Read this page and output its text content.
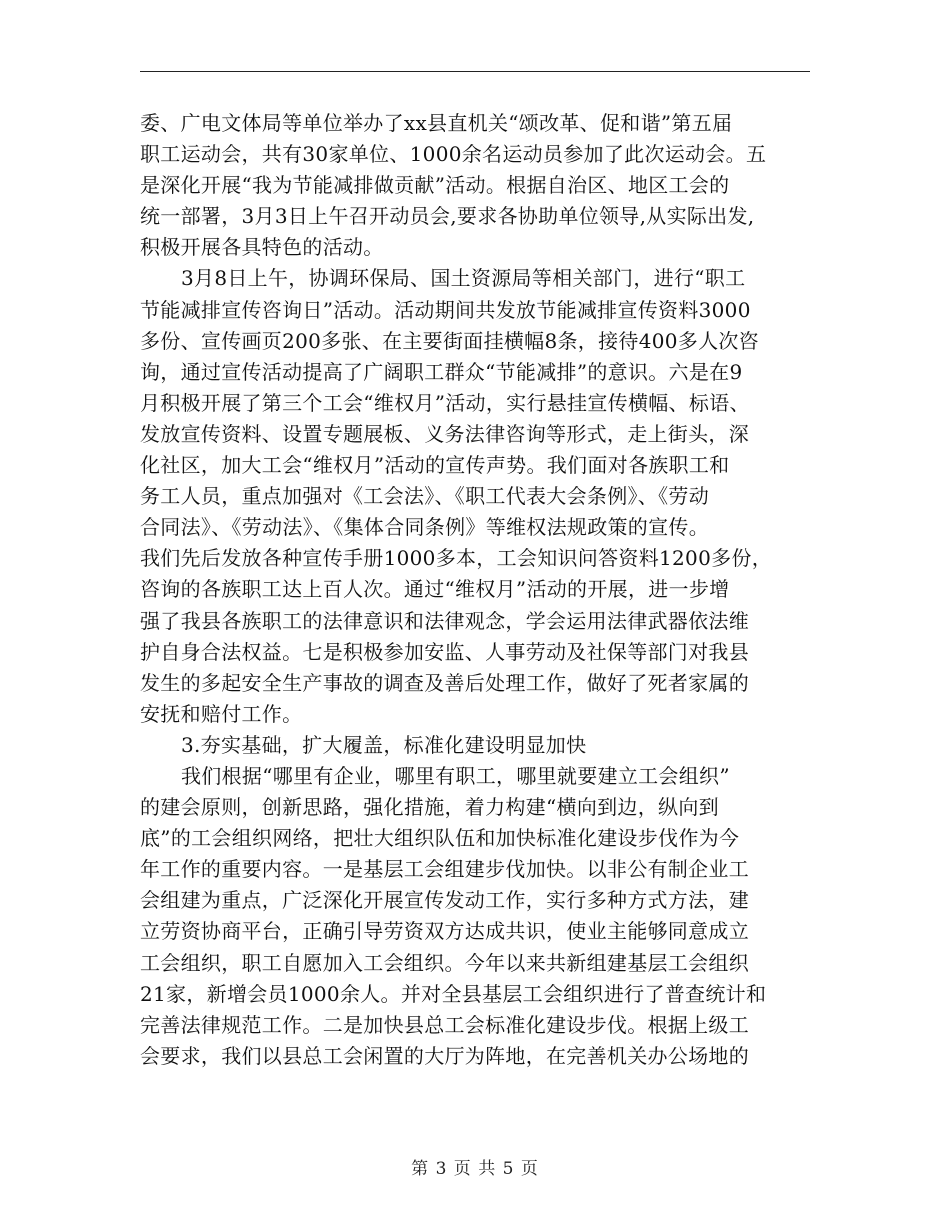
委、广电文体局等单位举办了xx县直机关“颂改革、促和谐”第五届
职工运动会，共有30家单位、1000余名运动员参加了此次运动会。五
是深化开展“我为节能减排做贡献”活动。根据自治区、地区工会的
统一部署，3月3日上午召开动员会,要求各协助单位领导,从实际出发,
积极开展各具特色的活动。
3月8日上午，协调环保局、国土资源局等相关部门，进行“职工
节能减排宣传咨询日”活动。活动期间共发放节能减排宣传资料3000
多份、宣传画页200多张、在主要街面挂横幅8条，接待400多人次咨
询，通过宣传活动提高了广阔职工群众“节能减排”的意识。六是在9
月积极开展了第三个工会“维权月”活动，实行悬挂宣传横幅、标语、
发放宣传资料、设置专题展板、义务法律咨询等形式，走上街头，深
化社区，加大工会“维权月”活动的宣传声势。我们面对各族职工和
务工人员，重点加强对《工会法》、《职工代表大会条例》、《劳动
合同法》、《劳动法》、《集体合同条例》等维权法规政策的宣传。
我们先后发放各种宣传手册1000多本，工会知识问答资料1200多份，
咨询的各族职工达上百人次。通过“维权月”活动的开展，进一步增
强了我县各族职工的法律意识和法律观念，学会运用法律武器依法维
护自身合法权益。七是积极参加安监、人事劳动及社保等部门对我县
发生的多起安全生产事故的调查及善后处理工作，做好了死者家属的
安抚和赔付工作。
3.夯实基础，扩大履盖，标准化建设明显加快
我们根据“哪里有企业，哪里有职工，哪里就要建立工会组织”
的建会原则，创新思路，强化措施，着力构建“横向到边，纵向到
底”的工会组织网络，把壮大组织队伍和加快标准化建设步伐作为今
年工作的重要内容。一是基层工会组建步伐加快。以非公有制企业工
会组建为重点，广泛深化开展宣传发动工作，实行多种方式方法，建
立劳资协商平台，正确引导劳资双方达成共识，使业主能够同意成立
工会组织，职工自愿加入工会组织。今年以来共新组建基层工会组织
21家，新增会员1000余人。并对全县基层工会组织进行了普查统计和
完善法律规范工作。二是加快县总工会标准化建设步伐。根据上级工
会要求，我们以县总工会闲置的大厅为阵地，在完善机关办公场地的
第 3 页 共 5 页
